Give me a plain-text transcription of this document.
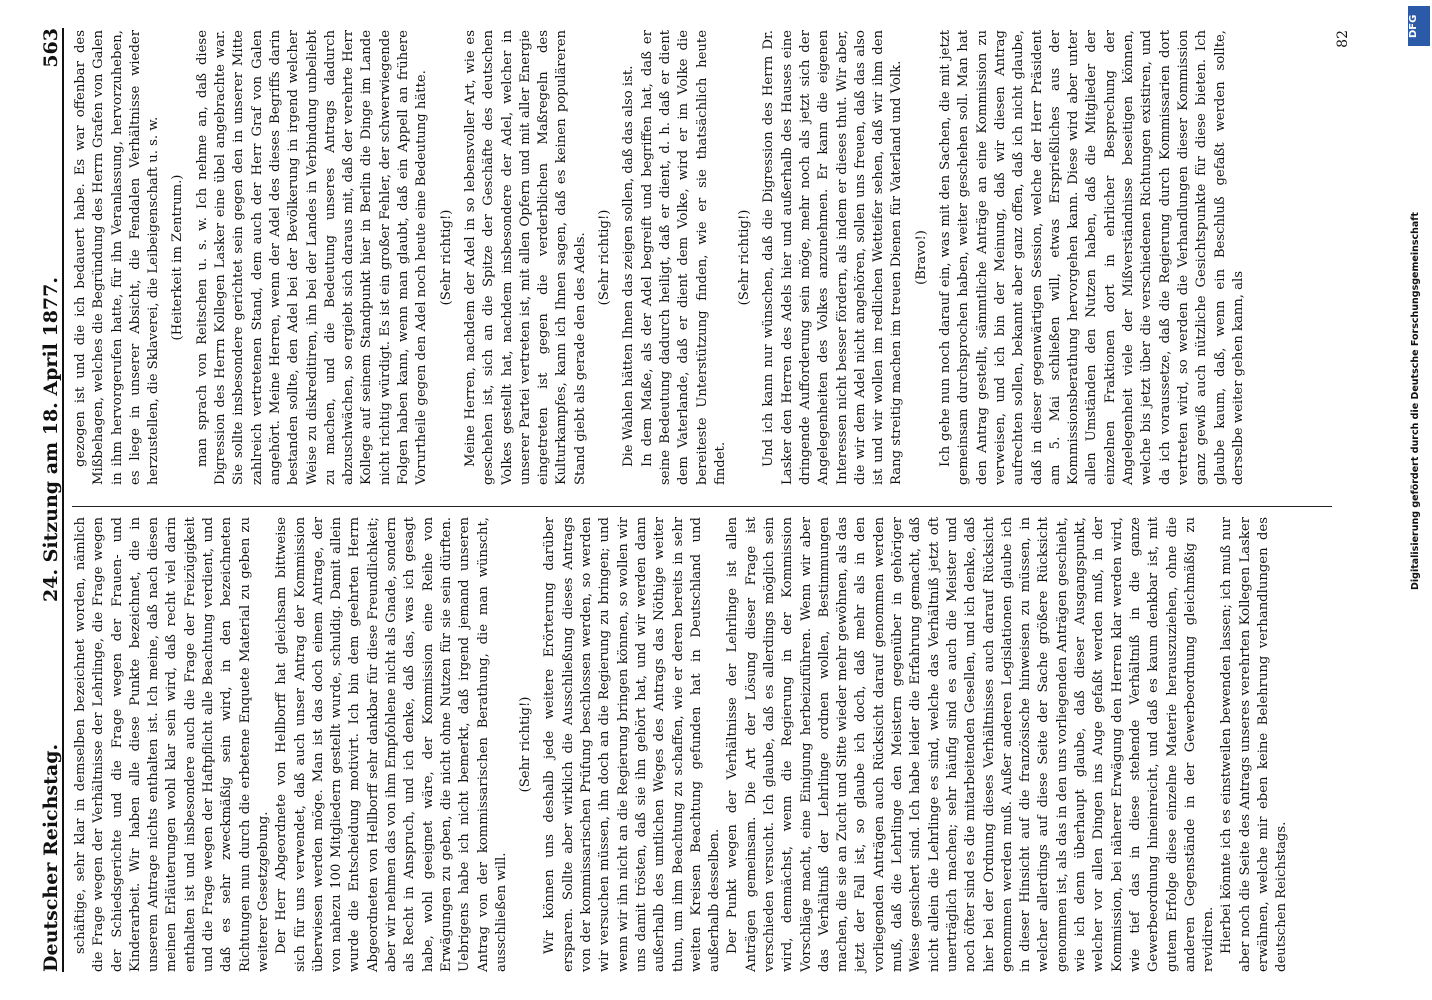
Deutscher Reichstag.
24. Sitzung am 18. April 1877.
563

schäftige, sehr klar in demselben bezeichnet worden, nämlich die Frage wegen der Verhältnisse der Lehrlinge, die Frage wegen der Schiedsgerichte und die Frage wegen der Frauen- und Kinderarbeit. Wir haben alle diese Punkte bezeichnet, die in unserem Antrage nichts enthalten ist. Ich meine, daß nach diesen meinen Erläuterungen wohl klar sein wird, daß recht viel darin enthalten ist und insbesondere auch die Frage der Freizügigkeit und die Frage wegen der Haftpflicht alle Beachtung verdient, und daß es sehr zweckmäßig sein wird, in den bezeichneten Richtungen nun durch die erbetene Enquete Material zu geben zu weiterer Gesetzgebung. Der Herr Abgeordnete von Hellborff hat gleichsam bittweise sich für uns verwendet, daß auch unser Antrag der Kommission überwiesen werden möge. Man ist das doch einem Antrage, der von nahezu 100 Mitgliedern gestellt wurde, schuldig. Damit allein wurde die Entscheidung motivirt. Ich bin dem geehrten Herrn Abgeordneten von Hellborff sehr dankbar für diese Freundlichkeit; aber wir nehmen das von ihm Empfohlene nicht als Gnade, sondern als Recht in Anspruch, und ich denke, daß das, was ich gesagt habe, wohl geeignet wäre, der Kommission eine Reihe von Erwägungen zu geben, die nicht ohne Nutzen für sie sein dürften. Uebrigens habe ich nicht bemerkt, daß irgend jemand unseren Antrag von der kommissarischen Berathung, die man wünscht, ausschließen will.

(Sehr richtig!) Wir können uns deshalb jede weitere Erörterung darüber ersparen. Sollte aber wirklich die Ausschließung dieses Antrags von der kommissarischen Prüfung beschlossen werden, so werden wir versuchen müssen, ihn doch an die Regierung zu bringen; und wenn wir ihn nicht an die Regierung bringen können, so wollen wir uns damit trösten, daß sie ihn gehört hat, und wir werden dann außerhalb des umtlichen Weges des Antrags das Nöthige weiter thun, um ihm Beachtung zu schaffen, wie er deren bereits in sehr weiten Kreisen Beachtung gefunden hat in Deutschland und außerhalb desselben. Der Punkt wegen der Verhältnisse der Lehrlinge ist allen Anträgen gemeinsam. Die Art der Lösung dieser Frage ist verschieden versucht. Ich glaube, daß es allerdings möglich sein wird, demnächst, wenn die Regierung in der Kommission Vorschläge macht, eine Einigung herbeizuführen. Wenn wir aber das Verhältniß der Lehrlinge ordnen wollen, Bestimmungen machen, die sie an Zucht und Sitte wieder mehr gewöhnen, als das jetzt der Fall ist, so glaube ich doch, daß mehr als in den vorliegenden Anträgen auch Rücksicht darauf genommen werden muß, daß die Lehrlinge den Meistern gegenüber in gehöriger Weise gesichert sind. Ich habe leider die Erfahrung gemacht, daß nicht allein die Lehrlinge es sind, welche das Verhältniß jetzt oft unerträglich machen; sehr häufig sind es auch die Meister und noch öfter sind es die mitarbeitenden Gesellen, und ich denke, daß hier bei der Ordnung dieses Verhältnisses auch darauf Rücksicht genommen werden muß. Außer anderen Legislationen glaube ich in dieser Hinsicht auf die französische hinweisen zu müssen, in welcher allerdings auf diese Seite der Sache größere Rücksicht genommen ist, als das in den uns vorliegenden Anträgen geschieht, wie ich denn überhaupt glaube, daß dieser Ausgangspunkt, welcher vor allen Dingen ins Auge gefaßt werden muß, in der Kommission, bei näherer Erwägung den Herren klar werden wird, wie tief das in diese stehende Verhältniß in die ganze Gewerbeordnung hineinreicht, und daß es kaum denkbar ist, mit gutem Erfolge diese einzelne Materie herauszuziehen, ohne die anderen Gegenstände in der Gewerbeordnung gleichmäßig zu revidiren. Hierbei könnte ich es einstweilen bewenden lassen; ich muß nur aber noch die Seite des Antrags unseres verehrten Kollegen Lasker erwähnen, welche mir eben keine Belehrung verhandlungen des deutschen Reichstags.

gezogen ist und die ich bedauert habe. Es war offenbar des Mißbehagen, welches die Begründung des Herrn Grafen von Galen in ihm hervorgerufen hatte, für ihn Veranlassung, hervorzuheben, es liege in unserer Absicht, die Fendalen Verhältnisse wieder herzustellen, die Sklaverei, die Leibeigenschaft u. s. w. (Heiterkeit im Zentrum.) man sprach von Reitschen u. s. w. Ich nehme an, daß diese Digression des Herrn Kollegen Lasker eine übel angebrachte war. Sie sollte insbesondere gerichtet sein gegen den in unserer Mitte zahlreich vertretenen Stand, dem auch der Herr Graf von Galen angehört. Meine Herren, wenn der Adel des dieses Begriffs darin bestanden sollte, den Adel bei der Bevölkerung in irgend welcher Weise zu diskreditiren, ihn bei der Landes in Verbindung unbeliebt zu machen, und die Bedeutung unseres Antrags dadurch abzuschwächen, so ergiebt sich daraus mit, daß der verehrte Herr Kollege auf seinem Standpunkt hier in Berlin die Dinge im Lande nicht richtig würdigt. Es ist ein großer Fehler, der schwerwiegende Folgen haben kann, wenn man glaubt, daß ein Appell an frühere Vorurtheile gegen den Adel noch heute eine Bedeutung hätte. (Sehr richtig!) Meine Herren, nachdem der Adel in so lebensvoller Art, wie es geschehen ist, sich an die Spitze der Geschäfte des deutschen Volkes gestellt hat, nachdem insbesondere der Adel, welcher in unserer Partei vertreten ist, mit allen Opfern und mit aller Energie eingetreten ist gegen die verderblichen Maßregeln des Kulturkampfes, kann ich Ihnen sagen, daß es keinen populäreren Stand giebt als gerade den des Adels. (Sehr richtig!) Die Wahlen hätten Ihnen das zeigen sollen, daß das also ist. In dem Maße, als der Adel begreift und begriffen hat, daß er seine Bedeutung dadurch heiligt, daß er dient, d. h. daß er dient dem Vaterlande, daß er dient dem Volke, wird er im Volke die bereiteste Unterstützung finden, wie er sie thatsächlich heute findet.

(Sehr richtig!) Und ich kann nur wünschen, daß die Digression des Herrn Dr. Lasker den Herren des Adels hier und außerhalb des Hauses eine dringende Aufforderung sein möge, mehr noch als jetzt sich der Angelegenheiten des Volkes anzunehmen. Er kann die eigenen Interessen nicht besser fördern, als indem er dieses thut. Wir aber, die wir dem Adel nicht angehören, sollen uns freuen, daß das also ist und wir wollen im redlichen Wetteifer sehen, daß wir ihm den Rang streitig machen im treuen Dienen für Vaterland und Volk. (Bravo!) Ich gehe nun noch darauf ein, was mit den Sachen, die mit jetzt gemeinsam durchsprochen haben, weiter geschehen soll. Man hat den Antrag gestellt, sämmtliche Anträge an eine Kommission zu verweisen, und ich bin der Meinung, daß wir diesen Antrag aufrechten sollen, bekannt aber ganz offen, daß ich nicht glaube, daß in dieser gegenwärtigen Session, welche der Herr Präsident am 5. Mai schließen will, etwas Ersprießliches aus der Kommissionsberathung hervorgehen kann. Diese wird aber unter allen Umständen den Nutzen haben, daß die Mitglieder der einzelnen Fraktionen dort in ehrlicher Besprechung der Angelegenheit viele der Mißverständnisse beseitigen können, welche bis jetzt über die verschiedenen Richtungen existiren, und da ich voraussetze, daß die Regierung durch Kommissarien dort vertreten wird, so werden die Verhandlungen dieser Kommission ganz gewiß auch nützliche Gesichtspunkte für diese bieten. Ich glaube kaum, daß, wenn ein Beschluß gefaßt werden sollte, derselbe weiter gehen kann, als

82
DFG
Digitalisierung gefördert durch die Deutsche Forschungsgemeinschaft
